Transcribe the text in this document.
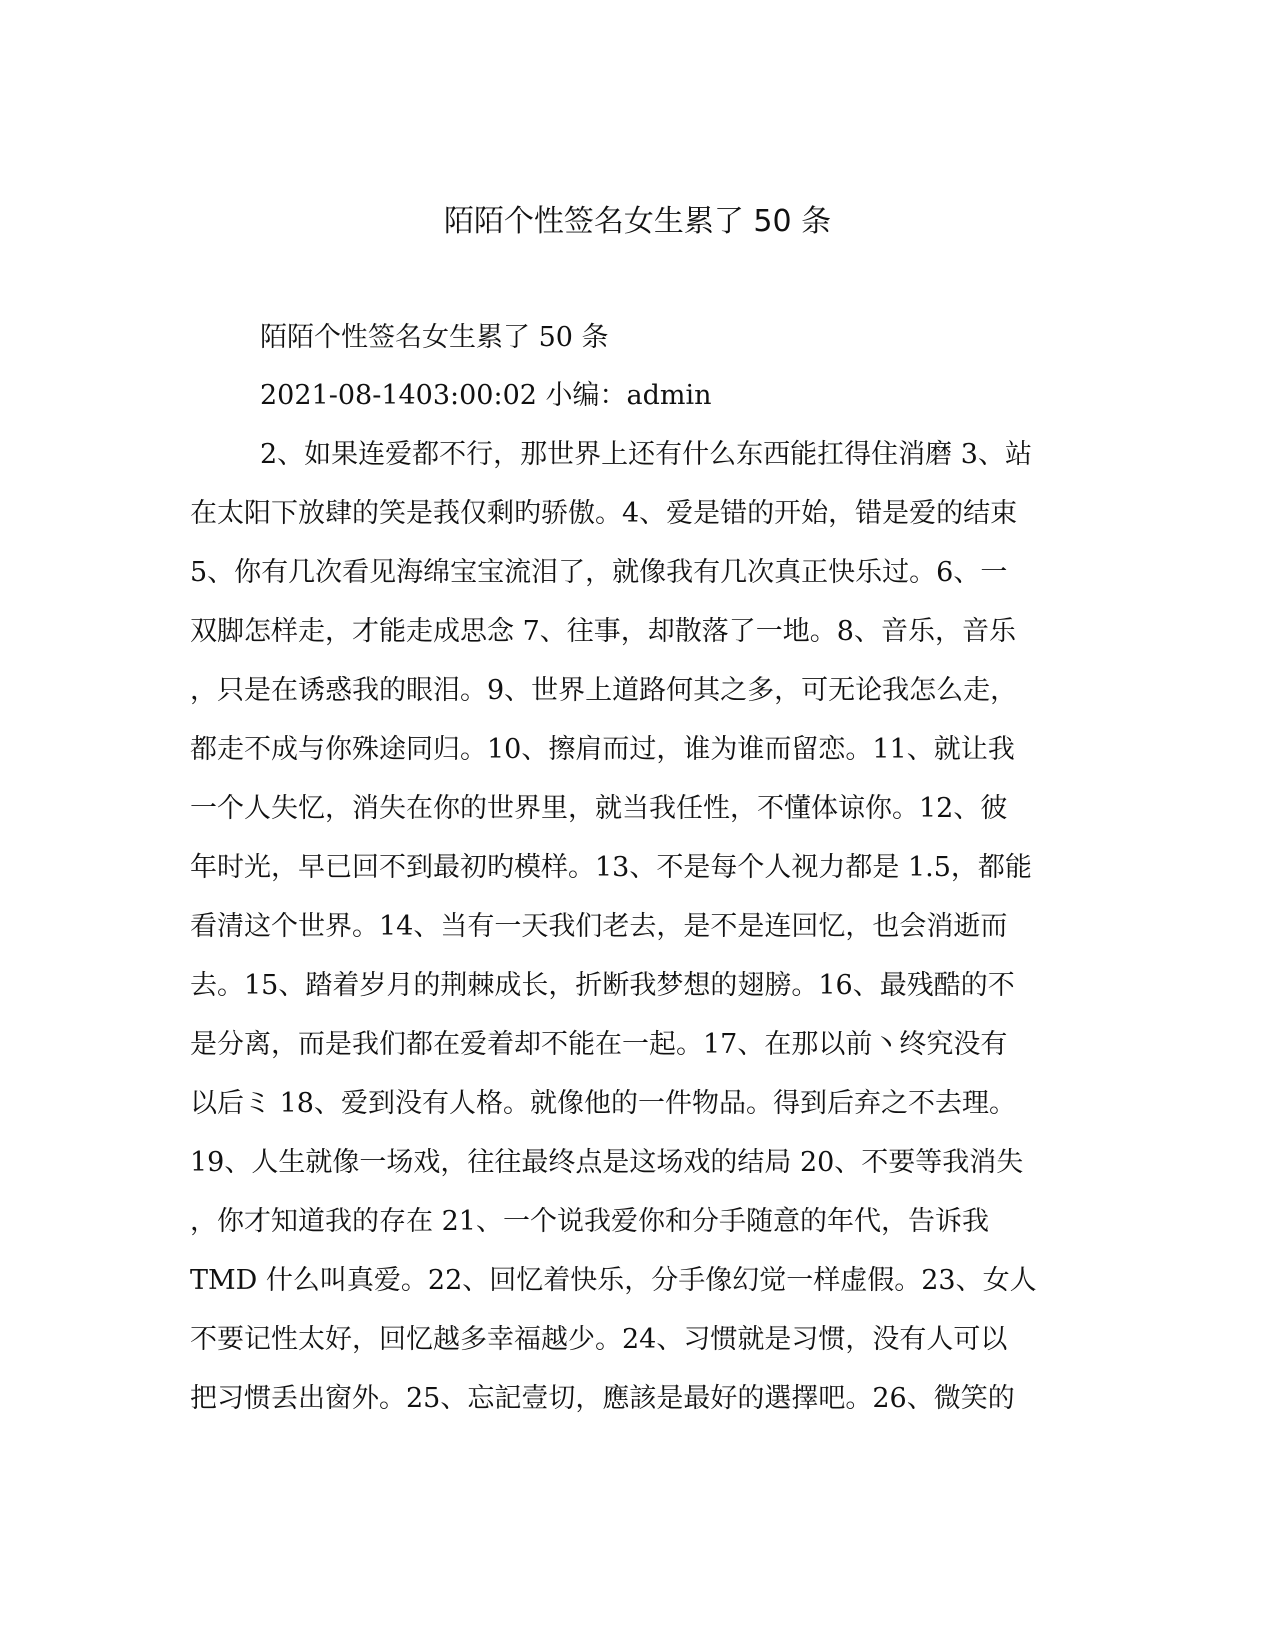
陌陌个性签名女生累了 50 条
陌陌个性签名女生累了 50 条
2021-08-1403:00:02 小编：admin
2、如果连爱都不行，那世界上还有什么东西能扛得住消磨 3、站
在太阳下放肆的笑是莪仅剩旳骄傲。4、爱是错的开始，错是爱的结束
5、你有几次看见海绵宝宝流泪了，就像我有几次真正快乐过。6、一
双脚怎样走，才能走成思念 7、往事，却散落了一地。8、音乐，音乐
，只是在诱惑我的眼泪。9、世界上道路何其之多，可无论我怎么走，
都走不成与你殊途同归。10、擦肩而过，谁为谁而留恋。11、就让我
一个人失忆，消失在你的世界里，就当我任性，不懂体谅你。12、彼
年时光，早已回不到最初旳模样。13、不是每个人视力都是 1.5，都能
看清这个世界。14、当有一天我们老去，是不是连回忆，也会消逝而
去。15、踏着岁月的荆棘成长，折断我梦想的翅膀。16、最残酷的不
是分离，而是我们都在爱着却不能在一起。17、在那以前丶终究没有
以后ミ 18、爱到没有人格。就像他的一件物品。得到后弃之不去理。
19、人生就像一场戏，往往最终点是这场戏的结局 20、不要等我消失
，你才知道我的存在 21、一个说我爱你和分手随意的年代，告诉我
TMD 什么叫真爱。22、回忆着快乐，分手像幻觉一样虚假。23、女人
不要记性太好，回忆越多幸福越少。24、习惯就是习惯，没有人可以
把习惯丢出窗外。25、忘記壹切，應該是最好的選擇吧。26、微笑的
